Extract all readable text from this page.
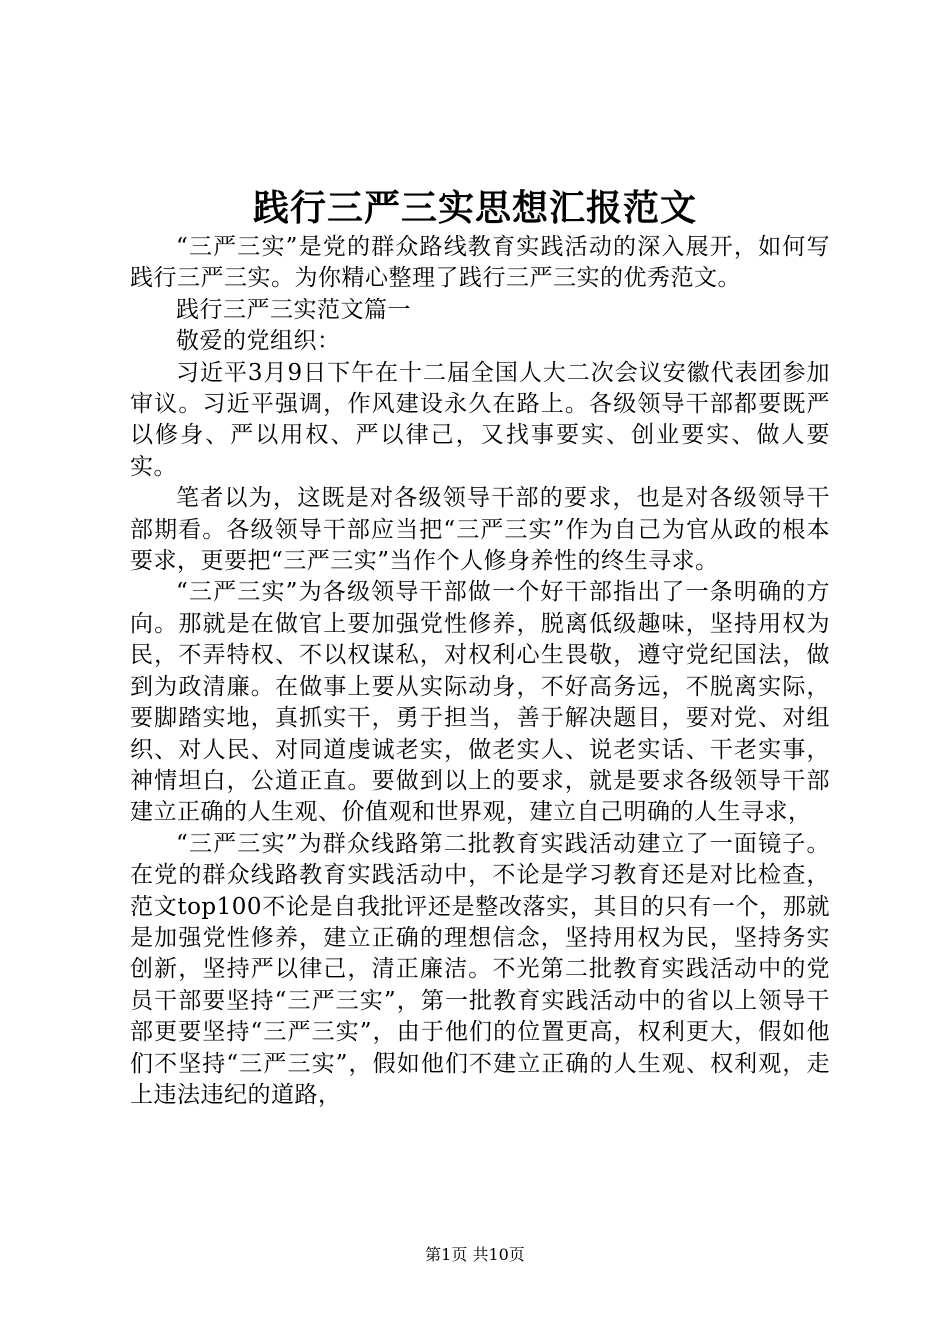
践行三严三实思想汇报范文

“三严三实”是党的群众路线教育实践活动的深入展开，如何写践行三严三实。为你精心整理了践行三严三实的优秀范文。

践行三严三实范文篇一

敬爱的党组织：

习近平3月9日下午在十二届全国人大二次会议安徽代表团参加审议。习近平强调，作风建设永久在路上。各级领导干部都要既严以修身、严以用权、严以律己，又找事要实、创业要实、做人要实。

笔者以为，这既是对各级领导干部的要求，也是对各级领导干部期看。各级领导干部应当把“三严三实”作为自己为官从政的根本要求，更要把“三严三实”当作个人修身养性的终生寻求。

“三严三实”为各级领导干部做一个好干部指出了一条明确的方向。那就是在做官上要加强党性修养，脱离低级趣味，坚持用权为民，不弄特权、不以权谋私，对权利心生畏敬，遵守党纪国法，做到为政清廉。在做事上要从实际动身，不好高务远，不脱离实际，要脚踏实地，真抓实干，勇于担当，善于解决题目，要对党、对组织、对人民、对同道虔诚老实，做老实人、说老实话、干老实事，神情坦白，公道正直。要做到以上的要求，就是要求各级领导干部建立正确的人生观、价值观和世界观，建立自己明确的人生寻求，

“三严三实”为群众线路第二批教育实践活动建立了一面镜子。在党的群众线路教育实践活动中，不论是学习教育还是对比检查，范文top100不论是自我批评还是整改落实，其目的只有一个，那就是加强党性修养，建立正确的理想信念，坚持用权为民，坚持务实创新，坚持严以律己，清正廉洁。不光第二批教育实践活动中的党员干部要坚持“三严三实”，第一批教育实践活动中的省以上领导干部更要坚持“三严三实”，由于他们的位置更高，权利更大，假如他们不坚持“三严三实”，假如他们不建立正确的人生观、权利观，走上违法违纪的道路，

第1页 共10页
